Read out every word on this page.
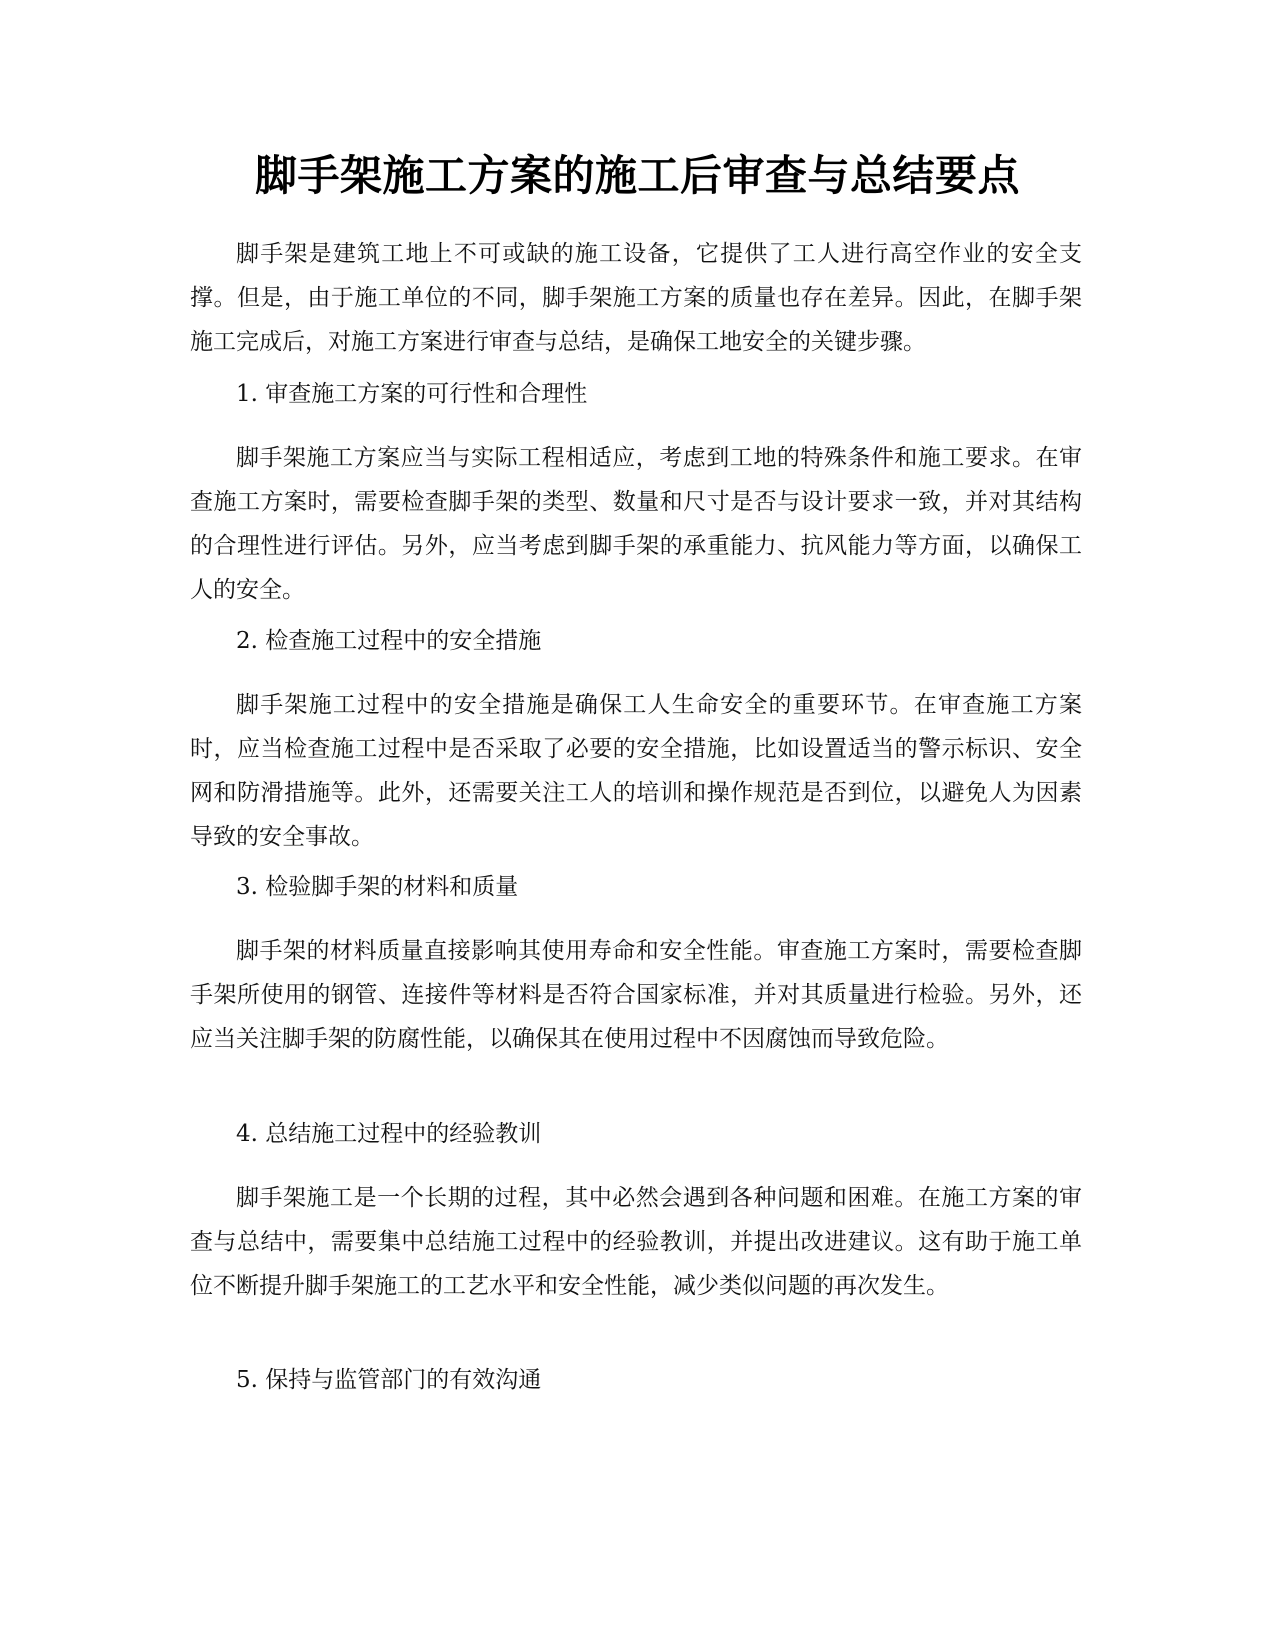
脚手架施工方案的施工后审查与总结要点

脚手架是建筑工地上不可或缺的施工设备，它提供了工人进行高空作业的安全支撑。但是，由于施工单位的不同，脚手架施工方案的质量也存在差异。因此，在脚手架施工完成后，对施工方案进行审查与总结，是确保工地安全的关键步骤。

1. 审查施工方案的可行性和合理性

脚手架施工方案应当与实际工程相适应，考虑到工地的特殊条件和施工要求。在审查施工方案时，需要检查脚手架的类型、数量和尺寸是否与设计要求一致，并对其结构的合理性进行评估。另外，应当考虑到脚手架的承重能力、抗风能力等方面，以确保工人的安全。

2. 检查施工过程中的安全措施

脚手架施工过程中的安全措施是确保工人生命安全的重要环节。在审查施工方案时，应当检查施工过程中是否采取了必要的安全措施，比如设置适当的警示标识、安全网和防滑措施等。此外，还需要关注工人的培训和操作规范是否到位，以避免人为因素导致的安全事故。

3. 检验脚手架的材料和质量

脚手架的材料质量直接影响其使用寿命和安全性能。审查施工方案时，需要检查脚手架所使用的钢管、连接件等材料是否符合国家标准，并对其质量进行检验。另外，还应当关注脚手架的防腐性能，以确保其在使用过程中不因腐蚀而导致危险。

4. 总结施工过程中的经验教训

脚手架施工是一个长期的过程，其中必然会遇到各种问题和困难。在施工方案的审查与总结中，需要集中总结施工过程中的经验教训，并提出改进建议。这有助于施工单位不断提升脚手架施工的工艺水平和安全性能，减少类似问题的再次发生。

5. 保持与监管部门的有效沟通
